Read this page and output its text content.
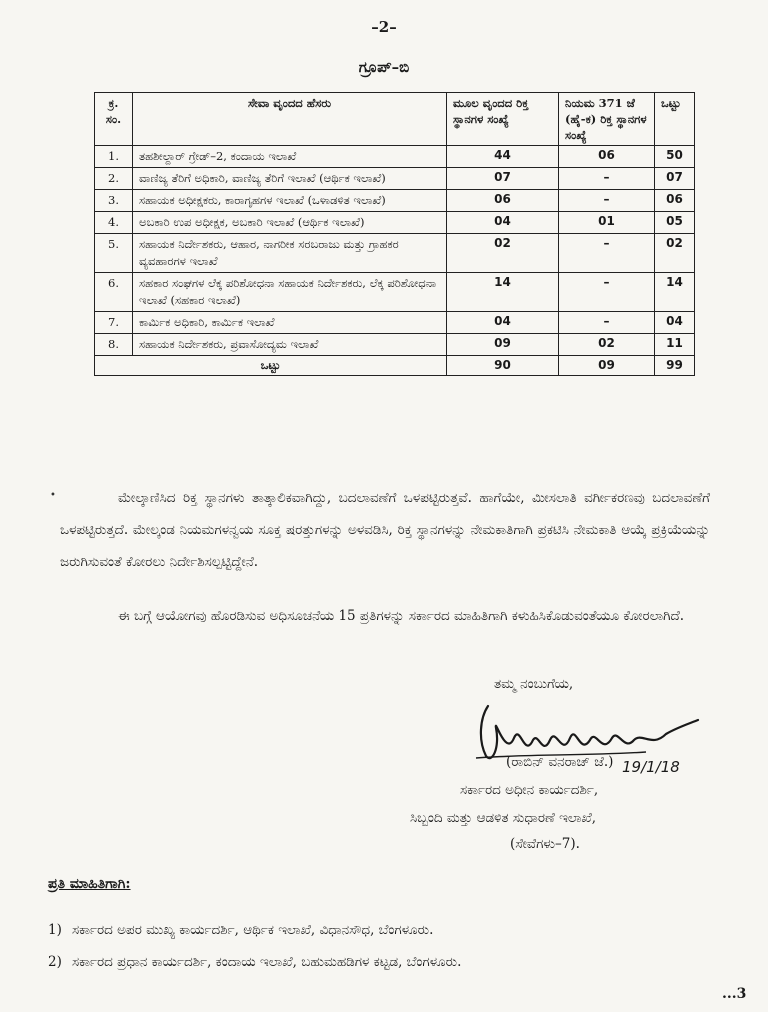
–2–
ಗ್ರೂಪ್–ಬಿ
ಕ್ರ. ಸಂ.	ಸೇವಾ ವೃಂದದ ಹೆಸರು	ಮೂಲ ವೃಂದದ ರಿಕ್ತ ಸ್ಥಾನಗಳ ಸಂಖ್ಯೆ	ನಿಯಮ 371 ಜೆ (ಹೈ-ಕ) ರಿಕ್ತ ಸ್ಥಾನಗಳ ಸಂಖ್ಯೆ	ಒಟ್ಟು
1.	ತಹಶೀಲ್ದಾರ್ ಗ್ರೇಡ್–2, ಕಂದಾಯ ಇಲಾಖೆ	44	06	50
2.	ವಾಣಿಜ್ಯ ತೆರಿಗೆ ಅಧಿಕಾರಿ, ವಾಣಿಜ್ಯ ತೆರಿಗೆ ಇಲಾಖೆ (ಆರ್ಥಿಕ ಇಲಾಖೆ)	07	–	07
3.	ಸಹಾಯಕ ಅಧೀಕ್ಷಕರು, ಕಾರಾಗೃಹಗಳ ಇಲಾಖೆ (ಒಳಾಡಳಿತ ಇಲಾಖೆ)	06	–	06
4.	ಅಬಕಾರಿ ಉಪ ಅಧೀಕ್ಷಕ, ಅಬಕಾರಿ ಇಲಾಖೆ (ಆರ್ಥಿಕ ಇಲಾಖೆ)	04	01	05
5.	ಸಹಾಯಕ ನಿರ್ದೇಶಕರು, ಆಹಾರ, ನಾಗರೀಕ ಸರಬರಾಜು ಮತ್ತು ಗ್ರಾಹಕರ ವ್ಯವಹಾರಗಳ ಇಲಾಖೆ	02	–	02
6.	ಸಹಕಾರ ಸಂಘಗಳ ಲೆಕ್ಕ ಪರಿಶೋಧನಾ ಸಹಾಯಕ ನಿರ್ದೇಶಕರು, ಲೆಕ್ಕ ಪರಿಶೋಧನಾ ಇಲಾಖೆ (ಸಹಕಾರ ಇಲಾಖೆ)	14	–	14
7.	ಕಾರ್ಮಿಕ ಅಧಿಕಾರಿ, ಕಾರ್ಮಿಕ ಇಲಾಖೆ	04	–	04
8.	ಸಹಾಯಕ ನಿರ್ದೇಶಕರು, ಪ್ರವಾಸೋದ್ಯಮ ಇಲಾಖೆ	09	02	11
ಒಟ್ಟು		90	09	99
•	ಮೇಲ್ಕಾಣಿಸಿದ ರಿಕ್ತ ಸ್ಥಾನಗಳು ತಾತ್ಕಾಲಿಕವಾಗಿದ್ದು, ಬದಲಾವಣೆಗೆ ಒಳಪಟ್ಟಿರುತ್ತವೆ. ಹಾಗೆಯೇ, ಮೀಸಲಾತಿ ವರ್ಗೀಕರಣವು ಬದಲಾವಣೆಗೆ ಒಳಪಟ್ಟಿರುತ್ತದೆ. ಮೇಲ್ಕಂಡ ನಿಯಮಗಳನ್ವಯ ಸೂಕ್ತ ಷರತ್ತುಗಳನ್ನು ಅಳವಡಿಸಿ, ರಿಕ್ತ ಸ್ಥಾನಗಳನ್ನು ನೇಮಕಾತಿಗಾಗಿ ಪ್ರಕಟಿಸಿ ನೇಮಕಾತಿ ಆಯ್ಕೆ ಪ್ರಕ್ರಿಯೆಯನ್ನು ಜರುಗಿಸುವಂತೆ ಕೋರಲು ನಿರ್ದೇಶಿಸಲ್ಪಟ್ಟಿದ್ದೇನೆ.
ಈ ಬಗ್ಗೆ ಆಯೋಗವು ಹೊರಡಿಸುವ ಅಧಿಸೂಚನೆಯ 15 ಪ್ರತಿಗಳನ್ನು ಸರ್ಕಾರದ ಮಾಹಿತಿಗಾಗಿ ಕಳುಹಿಸಿಕೊಡುವಂತೆಯೂ ಕೋರಲಾಗಿದೆ.
ತಮ್ಮ ನಂಬುಗೆಯ,
(ರಾಬಿನ್ ವನರಾಜ್ ಜೆ.) 19/1/18
ಸರ್ಕಾರದ ಅಧೀನ ಕಾರ್ಯದರ್ಶಿ,
ಸಿಬ್ಬಂದಿ ಮತ್ತು ಆಡಳಿತ ಸುಧಾರಣೆ ಇಲಾಖೆ,
(ಸೇವೆಗಳು–7).
ಪ್ರತಿ ಮಾಹಿತಿಗಾಗಿ:
1) ಸರ್ಕಾರದ ಅಪರ ಮುಖ್ಯ ಕಾರ್ಯದರ್ಶಿ, ಆರ್ಥಿಕ ಇಲಾಖೆ, ವಿಧಾನಸೌಧ, ಬೆಂಗಳೂರು.
2) ಸರ್ಕಾರದ ಪ್ರಧಾನ ಕಾರ್ಯದರ್ಶಿ, ಕಂದಾಯ ಇಲಾಖೆ, ಬಹುಮಹಡಿಗಳ ಕಟ್ಟಡ, ಬೆಂಗಳೂರು.
...3
